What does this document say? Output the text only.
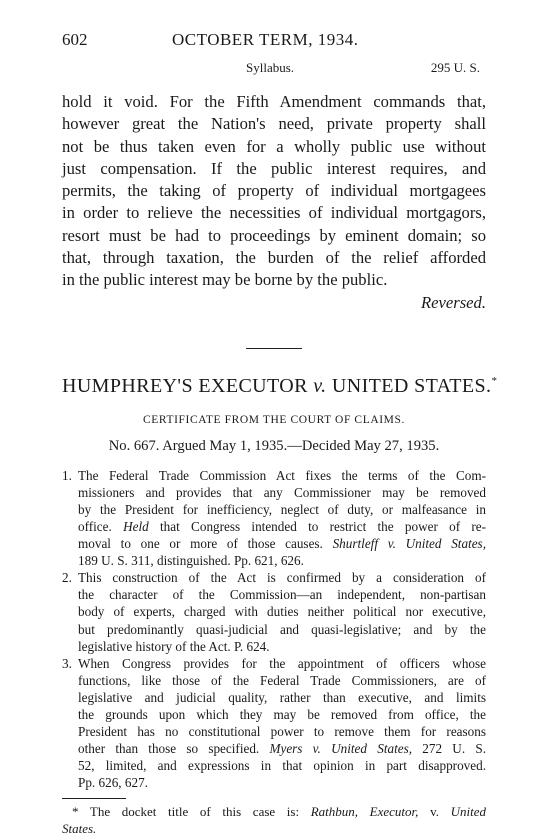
602	OCTOBER TERM, 1934.
Syllabus.	295 U. S.
hold it void. For the Fifth Amendment commands that,
however great the Nation's need, private property shall
not be thus taken even for a wholly public use without
just compensation. If the public interest requires, and
permits, the taking of property of individual mortgagees
in order to relieve the necessities of individual mortgagors,
resort must be had to proceedings by eminent domain; so
that, through taxation, the burden of the relief afforded
in the public interest may be borne by the public.
Reversed.
HUMPHREY'S EXECUTOR v. UNITED STATES.*
CERTIFICATE FROM THE COURT OF CLAIMS.
No. 667. Argued May 1, 1935.—Decided May 27, 1935.
1. The Federal Trade Commission Act fixes the terms of the Com-
missioners and provides that any Commissioner may be removed
by the President for inefficiency, neglect of duty, or malfeasance in
office. Held that Congress intended to restrict the power of re-
moval to one or more of those causes. Shurtleff v. United States,
189 U. S. 311, distinguished. Pp. 621, 626.
2. This construction of the Act is confirmed by a consideration of
the character of the Commission—an independent, non-partisan
body of experts, charged with duties neither political nor executive,
but predominantly quasi-judicial and quasi-legislative; and by the
legislative history of the Act. P. 624.
3. When Congress provides for the appointment of officers whose
functions, like those of the Federal Trade Commissioners, are of
legislative and judicial quality, rather than executive, and limits
the grounds upon which they may be removed from office, the
President has no constitutional power to remove them for reasons
other than those so specified. Myers v. United States, 272 U. S.
52, limited, and expressions in that opinion in part disapproved.
Pp. 626, 627.
* The docket title of this case is: Rathbun, Executor, v. United
States.
